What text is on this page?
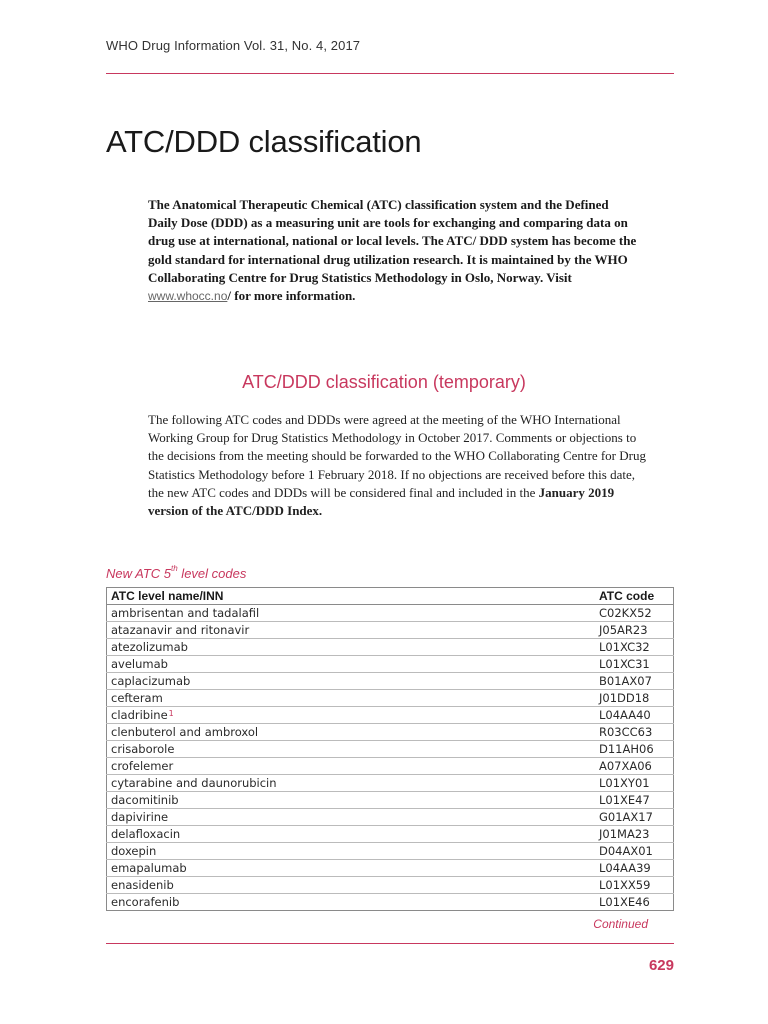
WHO Drug Information Vol. 31, No. 4, 2017
ATC/DDD classification

The Anatomical Therapeutic Chemical (ATC) classification system and the Defined Daily Dose (DDD) as a measuring unit are tools for exchanging and comparing data on drug use at international, national or local levels. The ATC/ DDD system has become the gold standard for international drug utilization research. It is maintained by the WHO Collaborating Centre for Drug Statistics Methodology in Oslo, Norway. Visit www.whocc.no/ for more information.

ATC/DDD classification (temporary)

The following ATC codes and DDDs were agreed at the meeting of the WHO International Working Group for Drug Statistics Methodology in October 2017. Comments or objections to the decisions from the meeting should be forwarded to the WHO Collaborating Centre for Drug Statistics Methodology before 1 February 2018. If no objections are received before this date, the new ATC codes and DDDs will be considered final and included in the January 2019 version of the ATC/DDD Index.

New ATC 5th level codes
ATC level name/INN	ATC code
ambrisentan and tadalafil	C02KX52
atazanavir and ritonavir	J05AR23
atezolizumab	L01XC32
avelumab	L01XC31
caplacizumab	B01AX07
cefteram	J01DD18
cladribine$^1$	L04AA40
clenbuterol and ambroxol	R03CC63
crisaborole	D11AH06
crofelemer	A07XA06
cytarabine and daunorubicin	L01XY01
dacomitinib	L01XE47
dapivirine	G01AX17
delafloxacin	J01MA23
doxepin	D04AX01
emapalumab	L04AA39
enasidenib	L01XX59
encorafenib	L01XE46
Continued
629
